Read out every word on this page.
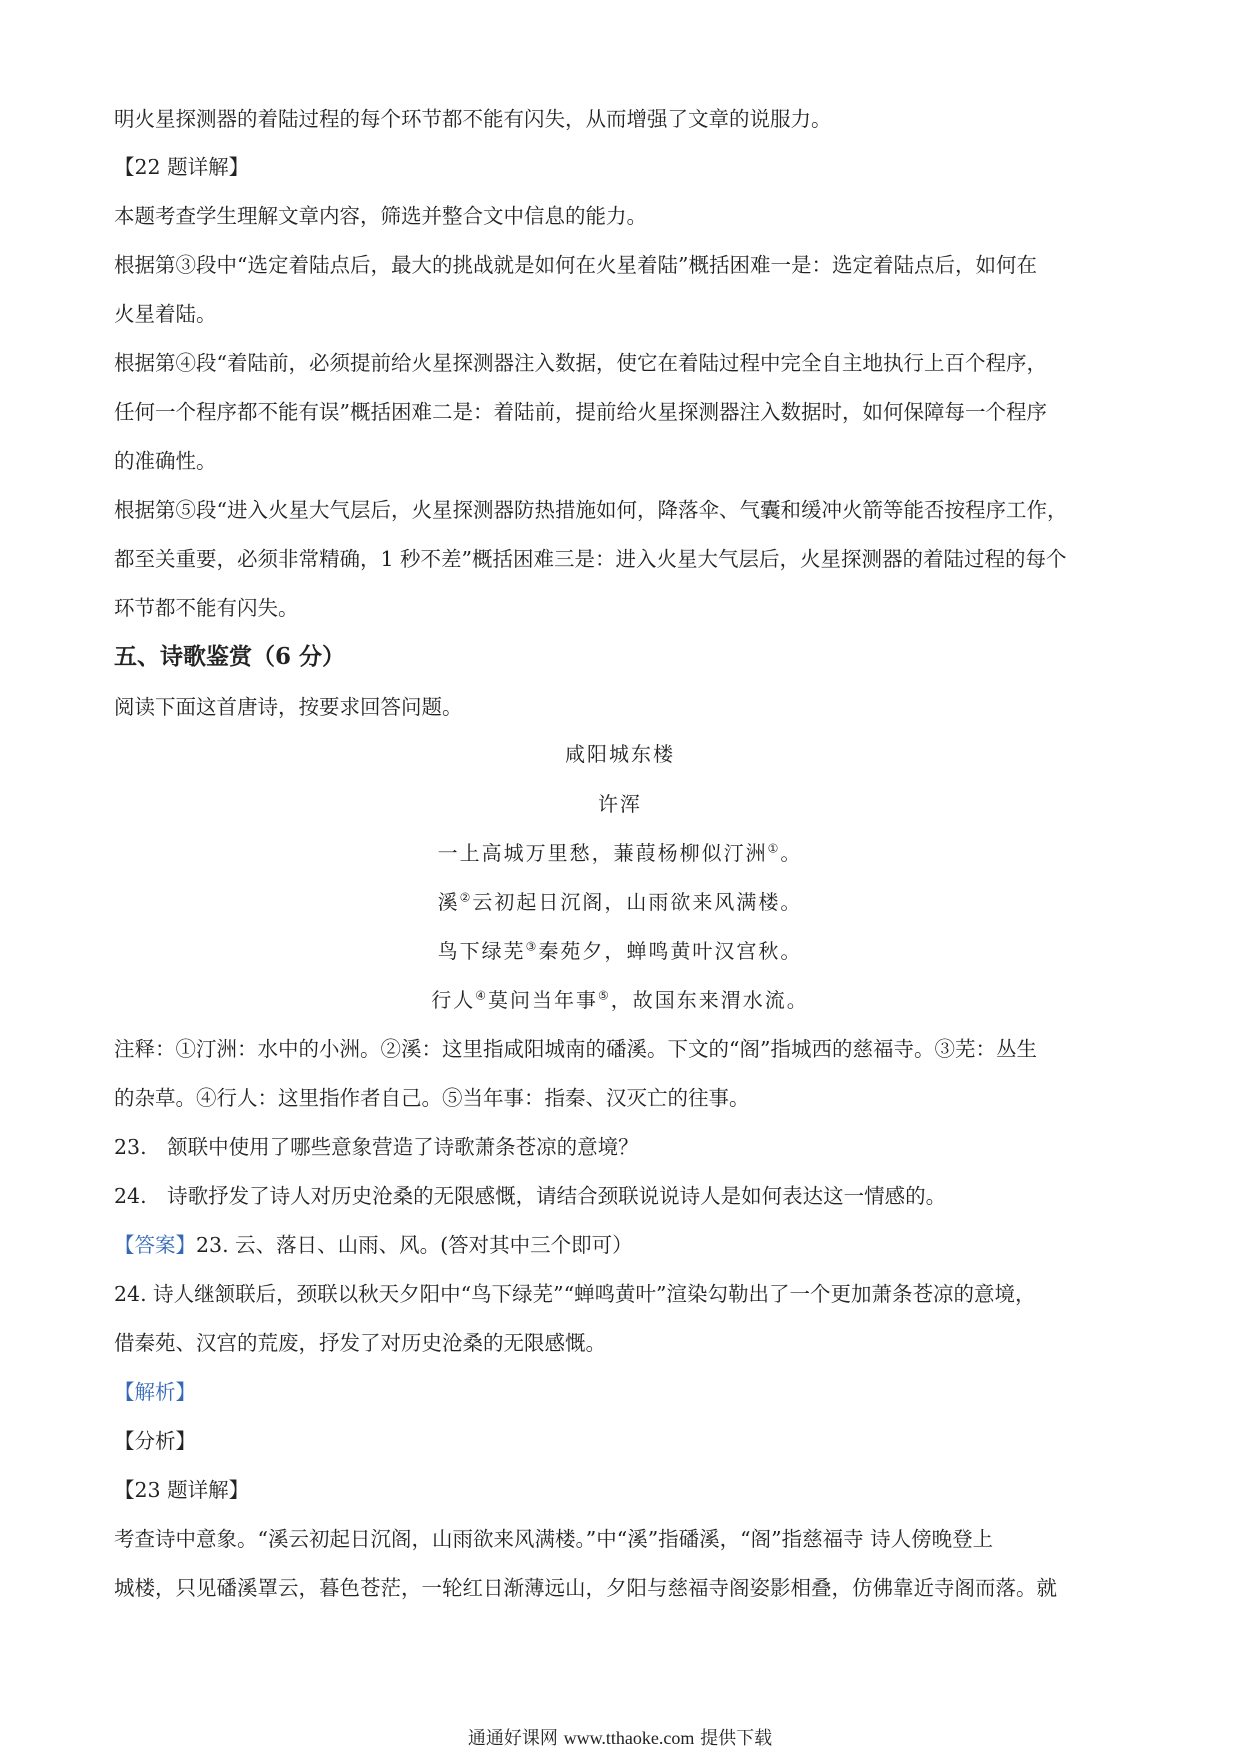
明火星探测器的着陆过程的每个环节都不能有闪失，从而增强了文章的说服力。
【22 题详解】
本题考查学生理解文章内容，筛选并整合文中信息的能力。
根据第③段中“选定着陆点后，最大的挑战就是如何在火星着陆”概括困难一是：选定着陆点后，如何在
火星着陆。
根据第④段“着陆前，必须提前给火星探测器注入数据，使它在着陆过程中完全自主地执行上百个程序，
任何一个程序都不能有误”概括困难二是：着陆前，提前给火星探测器注入数据时，如何保障每一个程序
的准确性。
根据第⑤段“进入火星大气层后，火星探测器防热措施如何，降落伞、气囊和缓冲火箭等能否按程序工作，
都至关重要，必须非常精确，1 秒不差”概括困难三是：进入火星大气层后，火星探测器的着陆过程的每个
环节都不能有闪失。
五、诗歌鉴赏（6 分）
阅读下面这首唐诗，按要求回答问题。
咸阳城东楼
许浑
一上高城万里愁，蒹葭杨柳似汀洲①。
溪②云初起日沉阁，山雨欲来风满楼。
鸟下绿芜③秦苑夕，蝉鸣黄叶汉宫秋。
行人④莫问当年事⑤，故国东来渭水流。
注释：①汀洲：水中的小洲。②溪：这里指咸阳城南的磻溪。下文的“阁”指城西的慈福寺。③芜：丛生
的杂草。④行人：这里指作者自己。⑤当年事：指秦、汉灭亡的往事。
23.　颔联中使用了哪些意象营造了诗歌萧条苍凉的意境？
24.　诗歌抒发了诗人对历史沧桑的无限感慨，请结合颈联说说诗人是如何表达这一情感的。
【答案】23. 云、落日、山雨、风。(答对其中三个即可）
24. 诗人继颔联后，颈联以秋天夕阳中“鸟下绿芜”“蝉鸣黄叶”渲染勾勒出了一个更加萧条苍凉的意境，
借秦苑、汉宫的荒废，抒发了对历史沧桑的无限感慨。
【解析】
【分析】
【23 题详解】
考查诗中意象。“溪云初起日沉阁，山雨欲来风满楼。”中“溪”指磻溪，“阁”指慈福寺 诗人傍晚登上
城楼，只见磻溪罩云，暮色苍茫，一轮红日渐薄远山，夕阳与慈福寺阁姿影相叠，仿佛靠近寺阁而落。就
通通好课网 www.tthaoke.com 提供下载
